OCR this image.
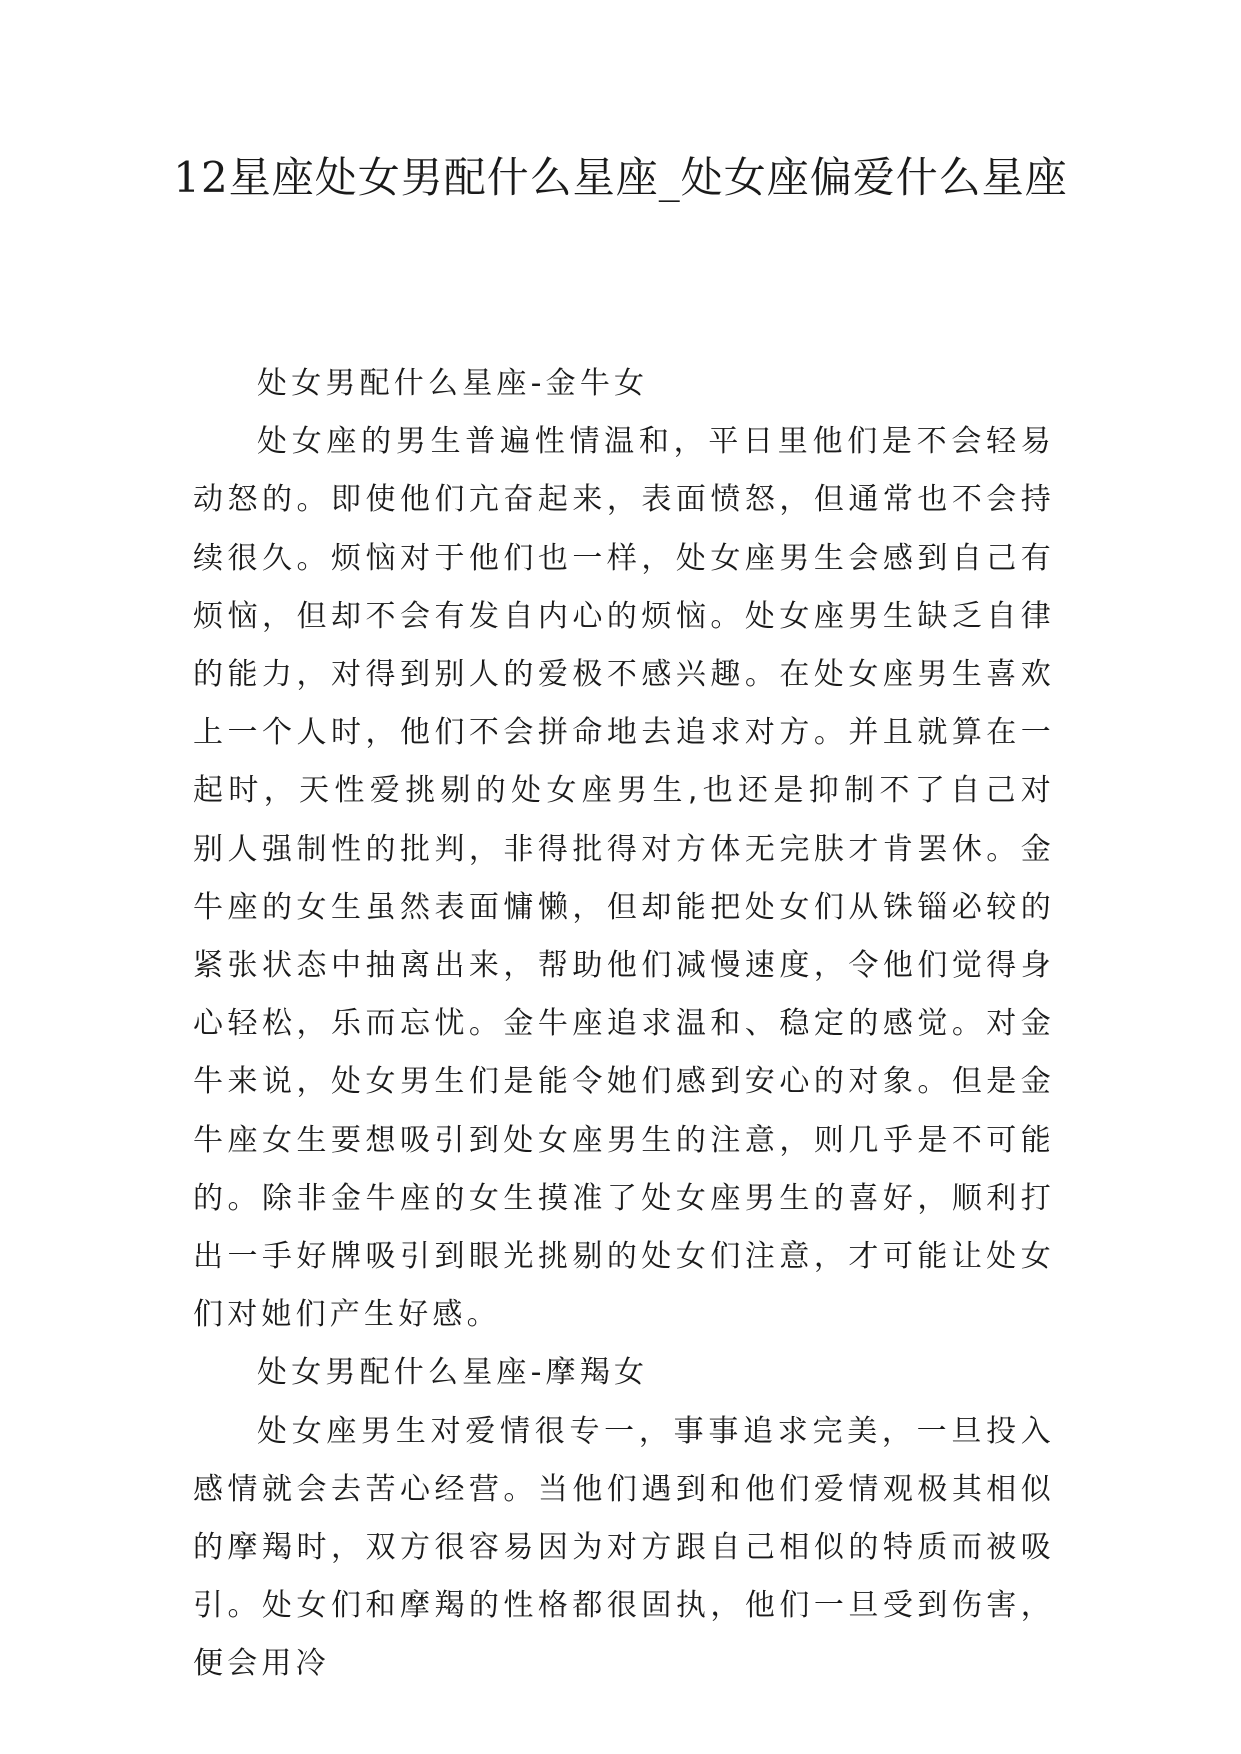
12星座处女男配什么星座_处女座偏爱什么星座

处女男配什么星座-金牛女

处女座的男生普遍性情温和，平日里他们是不会轻易动怒的。即使他们亢奋起来，表面愤怒，但通常也不会持续很久。烦恼对于他们也一样，处女座男生会感到自己有烦恼，但却不会有发自内心的烦恼。处女座男生缺乏自律的能力，对得到别人的爱极不感兴趣。在处女座男生喜欢上一个人时，他们不会拼命地去追求对方。并且就算在一起时，天性爱挑剔的处女座男生,也还是抑制不了自己对别人强制性的批判，非得批得对方体无完肤才肯罢休。金牛座的女生虽然表面慵懒，但却能把处女们从铢锱必较的紧张状态中抽离出来，帮助他们减慢速度，令他们觉得身心轻松，乐而忘忧。金牛座追求温和、稳定的感觉。对金牛来说，处女男生们是能令她们感到安心的对象。但是金牛座女生要想吸引到处女座男生的注意，则几乎是不可能的。除非金牛座的女生摸准了处女座男生的喜好，顺利打出一手好牌吸引到眼光挑剔的处女们注意，才可能让处女们对她们产生好感。

处女男配什么星座-摩羯女

处女座男生对爱情很专一，事事追求完美，一旦投入感情就会去苦心经营。当他们遇到和他们爱情观极其相似的摩羯时，双方很容易因为对方跟自己相似的特质而被吸引。处女们和摩羯的性格都很固执，他们一旦受到伤害，便会用冷
